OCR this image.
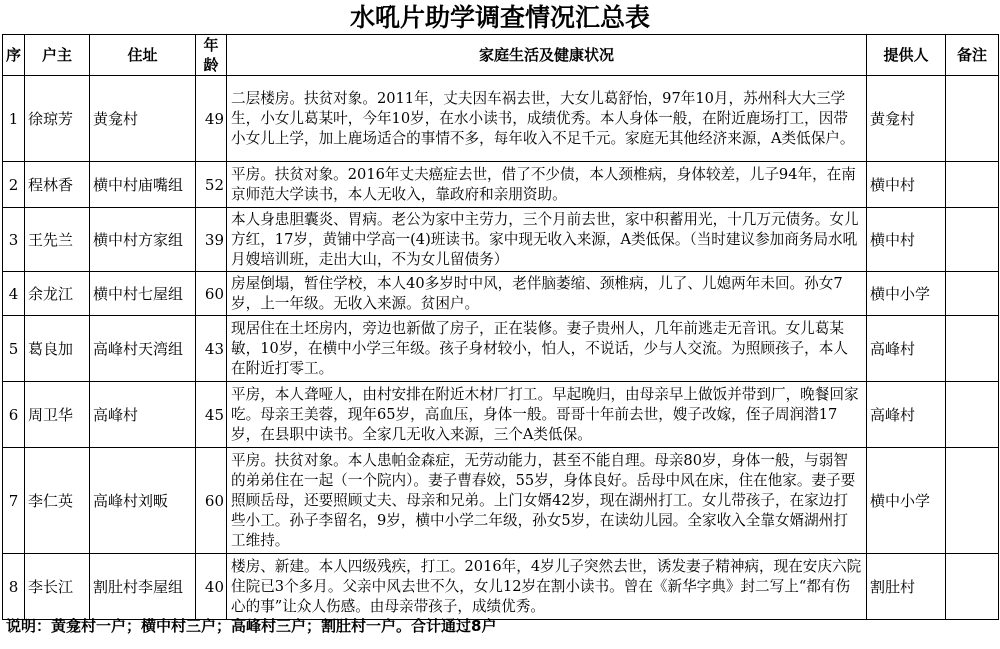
水吼片助学调查情况汇总表
序	户主	住址	年龄	家庭生活及健康状况	提供人	备注
1	徐琼芳	黄龛村	49	二层楼房。扶贫对象。2011年，丈夫因车祸去世，大女儿葛舒怡，97年10月，苏州科大大三学生，小女儿葛某叶，今年10岁，在水小读书，成绩优秀。本人身体一般，在附近鹿场打工，因带小女儿上学，加上鹿场适合的事情不多，每年收入不足千元。家庭无其他经济来源，A类低保户。	黄龛村	
2	程林香	横中村庙嘴组	52	平房。扶贫对象。2016年丈夫癌症去世，借了不少债，本人颈椎病，身体较差，儿子94年，在南京师范大学读书，本人无收入，靠政府和亲朋资助。	横中村	
3	王先兰	横中村方家组	39	本人身患胆囊炎、胃病。老公为家中主劳力，三个月前去世，家中积蓄用光，十几万元债务。女儿方红，17岁，黄铺中学高一(4)班读书。家中现无收入来源，A类低保。（当时建议参加商务局水吼月嫂培训班，走出大山，不为女儿留债务）	横中村	
4	余龙江	横中村七屋组	60	房屋倒塌，暂住学校，本人40多岁时中风，老伴脑萎缩、颈椎病，儿了、儿媳两年未回。孙女7岁，上一年级。无收入来源。贫困户。	横中小学	
5	葛良加	高峰村天湾组	43	现居住在土坯房内，旁边也新做了房子，正在装修。妻子贵州人，几年前逃走无音讯。女儿葛某敏，10岁，在横中小学三年级。孩子身材较小，怕人，不说话，少与人交流。为照顾孩子，本人在附近打零工。	高峰村	
6	周卫华	高峰村	45	平房，本人聋哑人，由村安排在附近木材厂打工。早起晚归，由母亲早上做饭并带到厂，晚餐回家吃。母亲王美蓉，现年65岁，高血压，身体一般。哥哥十年前去世，嫂子改嫁，侄子周润潜17岁，在县职中读书。全家几无收入来源，三个A类低保。	高峰村	
7	李仁英	高峰村刘畈	60	平房。扶贫对象。本人患帕金森症，无劳动能力，甚至不能自理。母亲80岁，身体一般，与弱智的弟弟住在一起（一个院内）。妻子曹春姣，55岁，身体良好。岳母中风在床，住在他家。妻子要照顾岳母，还要照顾丈夫、母亲和兄弟。上门女婿42岁，现在湖州打工。女儿带孩子，在家边打些小工。孙子李留名，9岁，横中小学二年级，孙女5岁，在读幼儿园。全家收入全靠女婿湖州打工维持。	横中小学	
8	李长江	割肚村李屋组	40	楼房、新建。本人四级残疾，打工。2016年，4岁儿子突然去世，诱发妻子精神病，现在安庆六院住院已3个多月。父亲中风去世不久，女儿12岁在割小读书。曾在《新华字典》封二写上“都有伤心的事”让众人伤感。由母亲带孩子，成绩优秀。	割肚村	
说明：黄龛村一户；横中村三户；高峰村三户；割肚村一户。合计通过8户
